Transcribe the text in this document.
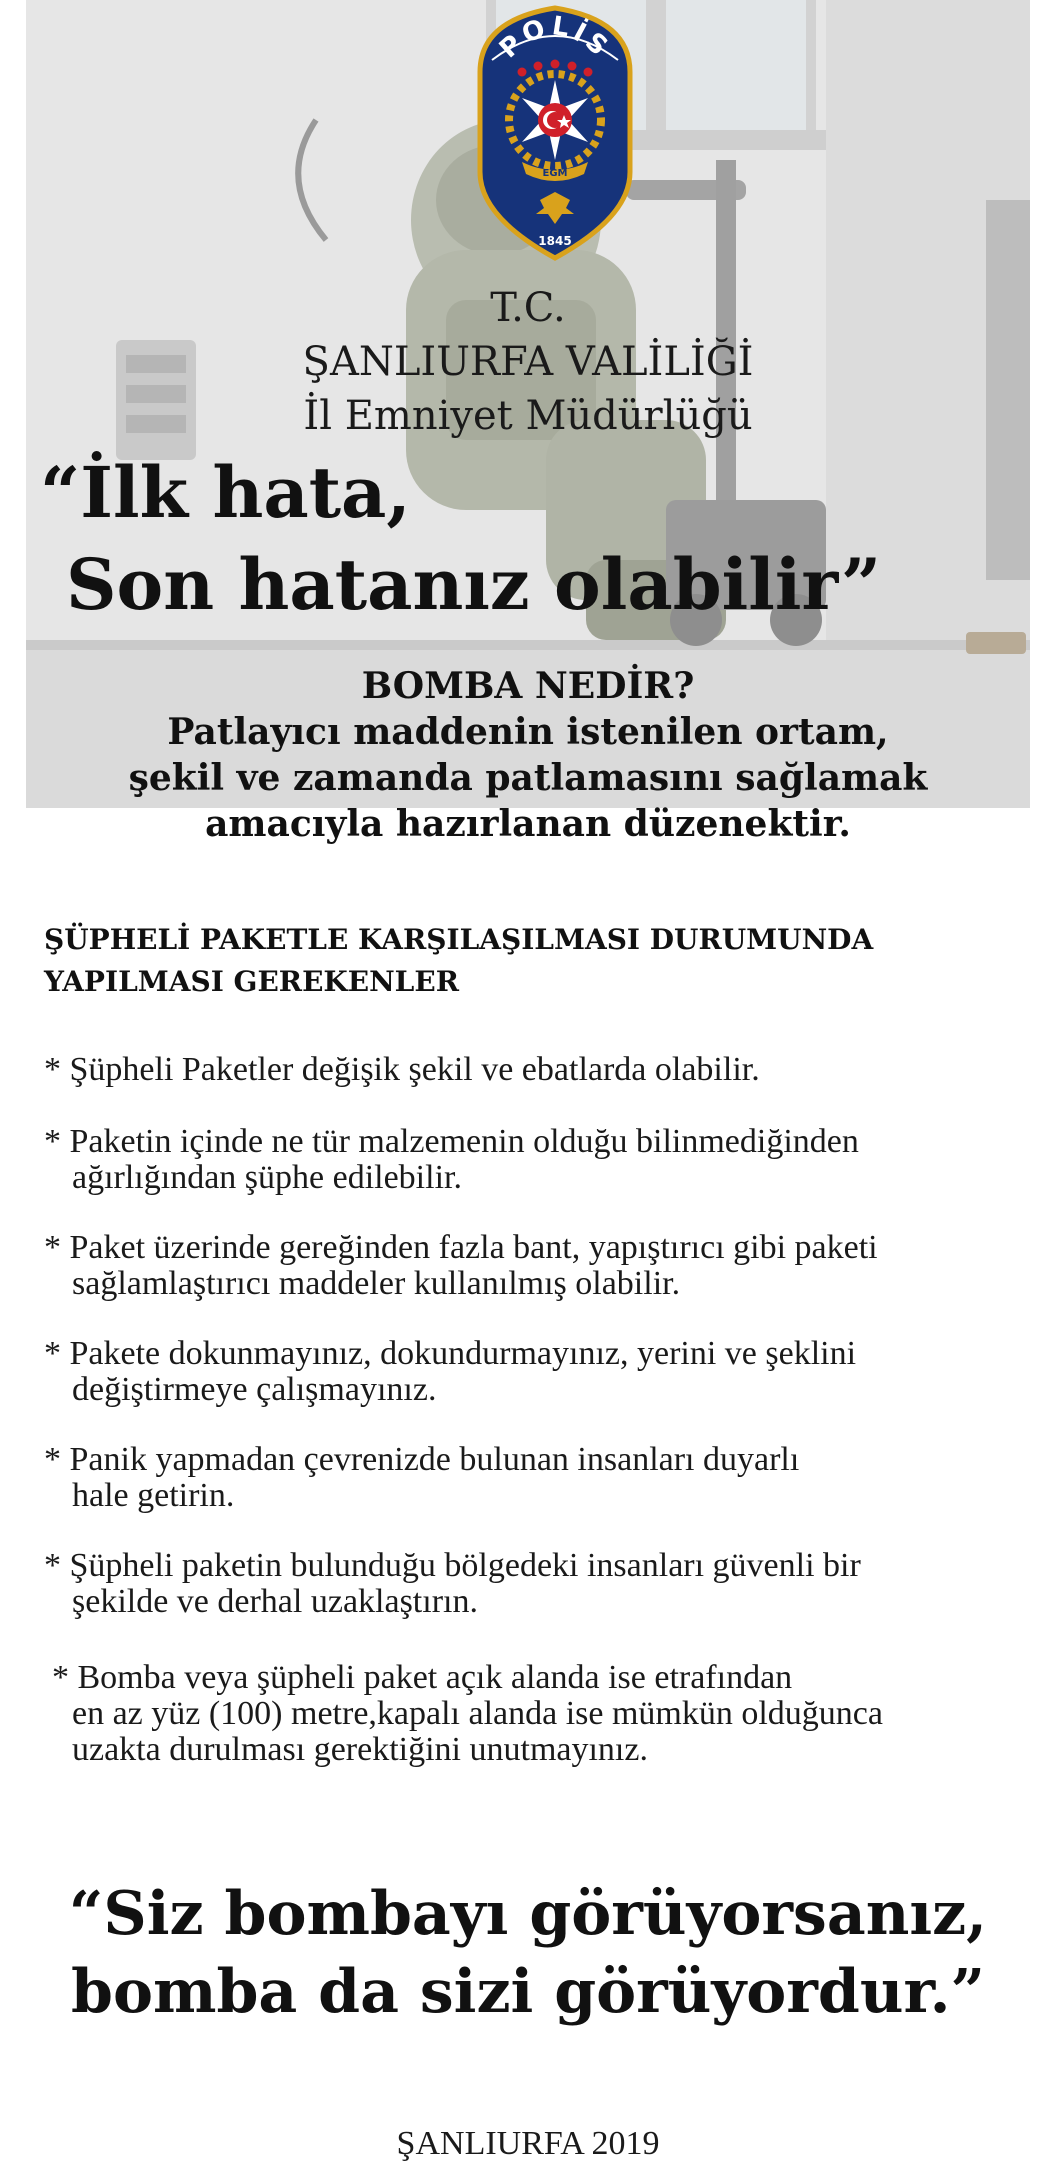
POLİS
EGM
1845
T.C.
ŞANLIURFA VALİLİĞİ
İl Emniyet Müdürlüğü
“İlk hata,
Son hatanız olabilir”
BOMBA NEDİR?
Patlayıcı maddenin istenilen ortam,
şekil ve zamanda patlamasını sağlamak
amacıyla hazırlanan düzenektir.
ŞÜPHELİ PAKETLE KARŞILAŞILMASI DURUMUNDA
YAPILMASI GEREKENLER
* Şüpheli Paketler değişik şekil ve ebatlarda olabilir.
* Paketin içinde ne tür malzemenin olduğu bilinmediğinden
ağırlığından şüphe edilebilir.
* Paket üzerinde gereğinden fazla bant, yapıştırıcı gibi paketi
sağlamlaştırıcı maddeler kullanılmış olabilir.
* Pakete dokunmayınız, dokundurmayınız, yerini ve şeklini
değiştirmeye çalışmayınız.
* Panik yapmadan çevrenizde bulunan insanları duyarlı
hale getirin.
* Şüpheli paketin bulunduğu bölgedeki insanları güvenli bir
şekilde ve derhal uzaklaştırın.
* Bomba veya şüpheli paket açık alanda ise etrafından
en az yüz (100) metre,kapalı alanda ise mümkün olduğunca
uzakta durulması gerektiğini unutmayınız.
“Siz bombayı görüyorsanız,
bomba da sizi görüyordur.”
ŞANLIURFA 2019
